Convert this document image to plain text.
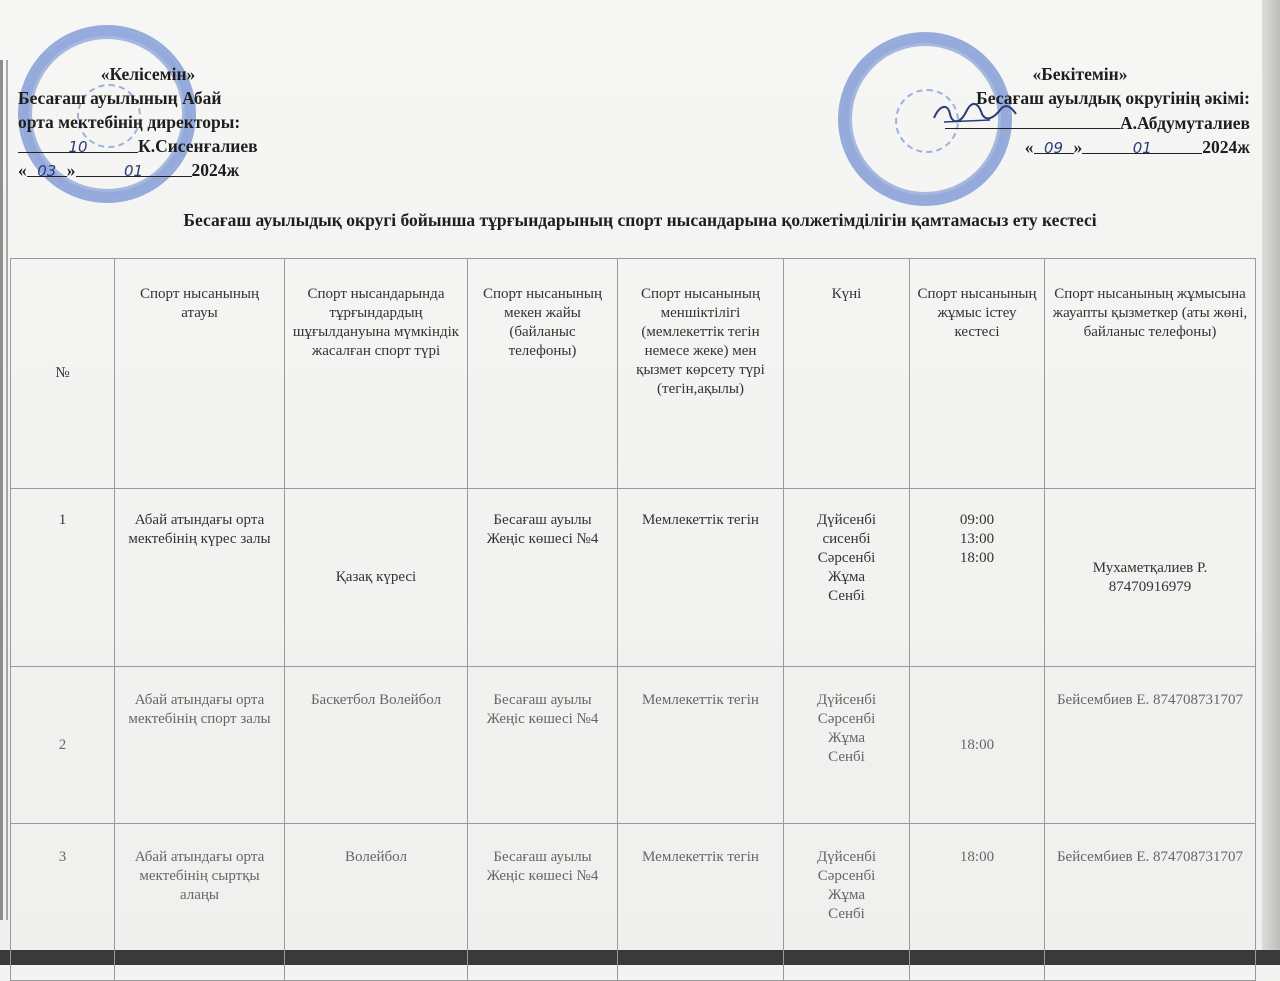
«Келісемін»
Бесағаш ауылының Абай
орта мектебінің директоры:
10	К.Сисенғалиев
« 03 »	01	2024ж
«Бекітемін»
Бесағаш ауылдық округінің әкімі:
А.Абдумуталиев
« 09 »	01	2024ж
Бесағаш ауылыдық округі бойынша тұрғындарының спорт нысандарына қолжетімділігін қамтамасыз ету кестесі
№	Спорт нысанының атауы	Спорт нысандарында тұрғындардың шұғылдануына мүмкіндік жасалған спорт түрі	Спорт нысанының мекен жайы (байланыс телефоны)	Спорт нысанының меншіктілігі (мемлекеттік тегін немесе жеке) мен қызмет көрсету түрі (тегін,ақылы)	Күні	Спорт нысанының жұмыс істеу кестесі	Спорт нысанының жұмысына жауапты қызметкер (аты жөні, байланыс телефоны)
1	Абай атындағы орта мектебінің күрес залы	Қазақ күресі	Бесағаш ауылы Жеңіс көшесі №4	Мемлекеттік тегін	Дүйсенбі
сисенбі
Сәрсенбі
Жұма
Сенбі	09:00
13:00
18:00	Мухаметқалиев Р. 87470916979
2	Абай атындағы орта мектебінің спорт залы	Баскетбол Волейбол	Бесағаш ауылы Жеңіс көшесі №4	Мемлекеттік тегін	Дүйсенбі
Сәрсенбі
Жұма
Сенбі	18:00	Бейсембиев Е. 874708731707
3	Абай атындағы орта мектебінің сыртқы алаңы	Волейбол	Бесағаш ауылы Жеңіс көшесі №4	Мемлекеттік тегін	Дүйсенбі
Сәрсенбі
Жұма
Сенбі	18:00	Бейсембиев Е. 874708731707
